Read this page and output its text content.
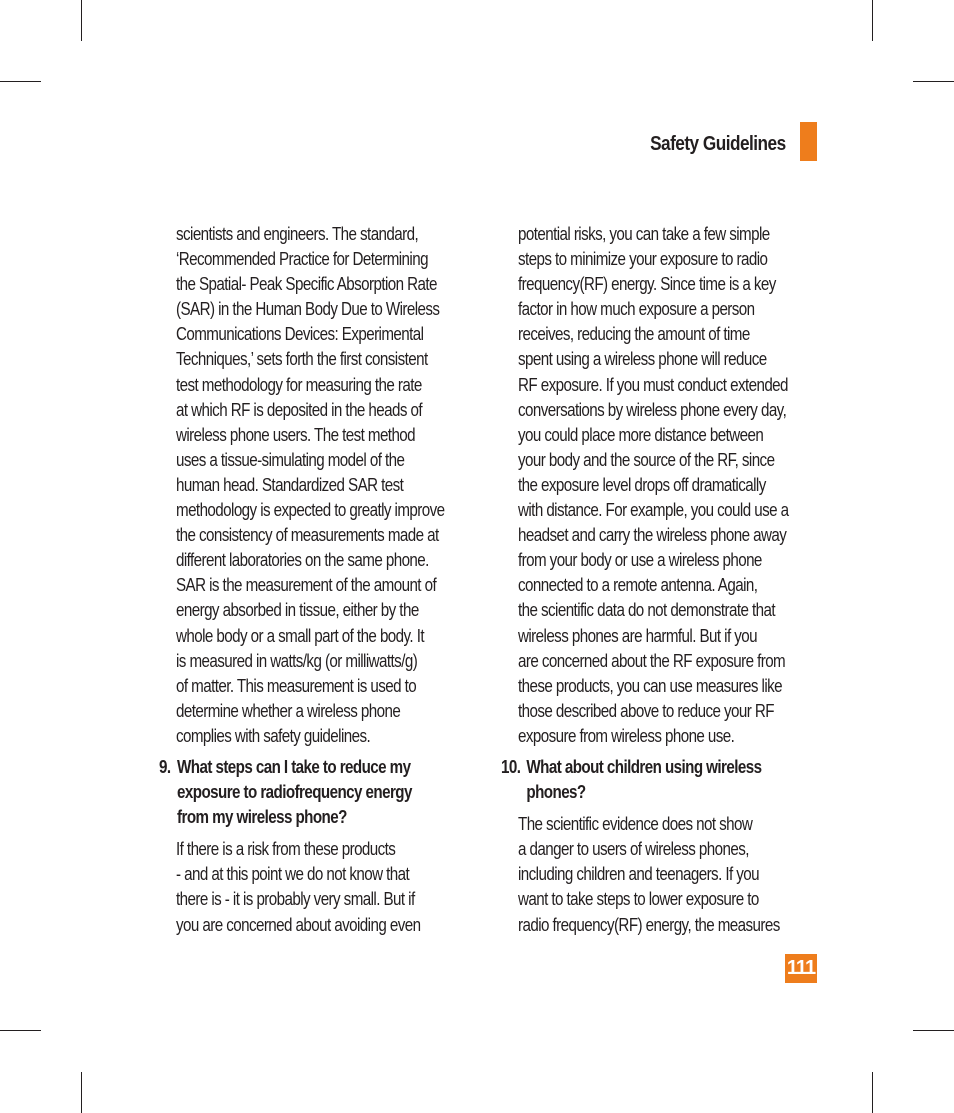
Safety Guidelines
scientists and engineers. The standard,
‘Recommended Practice for Determining
the Spatial- Peak Specific Absorption Rate
(SAR) in the Human Body Due to Wireless
Communications Devices: Experimental
Techniques,’ sets forth the first consistent
test methodology for measuring the rate
at which RF is deposited in the heads of
wireless phone users. The test method
uses a tissue-simulating model of the
human head. Standardized SAR test
methodology is expected to greatly improve
the consistency of measurements made at
different laboratories on the same phone.
SAR is the measurement of the amount of
energy absorbed in tissue, either by the
whole body or a small part of the body. It
is measured in watts/kg (or milliwatts/g)
of matter. This measurement is used to
determine whether a wireless phone
complies with safety guidelines.
9. What steps can I take to reduce my
exposure to radiofrequency energy
from my wireless phone?
If there is a risk from these products
- and at this point we do not know that
there is - it is probably very small. But if
you are concerned about avoiding even
potential risks, you can take a few simple
steps to minimize your exposure to radio
frequency(RF) energy. Since time is a key
factor in how much exposure a person
receives, reducing the amount of time
spent using a wireless phone will reduce
RF exposure. If you must conduct extended
conversations by wireless phone every day,
you could place more distance between
your body and the source of the RF, since
the exposure level drops off dramatically
with distance. For example, you could use a
headset and carry the wireless phone away
from your body or use a wireless phone
connected to a remote antenna. Again,
the scientific data do not demonstrate that
wireless phones are harmful. But if you
are concerned about the RF exposure from
these products, you can use measures like
those described above to reduce your RF
exposure from wireless phone use.
10. What about children using wireless
phones?
The scientific evidence does not show
a danger to users of wireless phones,
including children and teenagers. If you
want to take steps to lower exposure to
radio frequency(RF) energy, the measures
111
